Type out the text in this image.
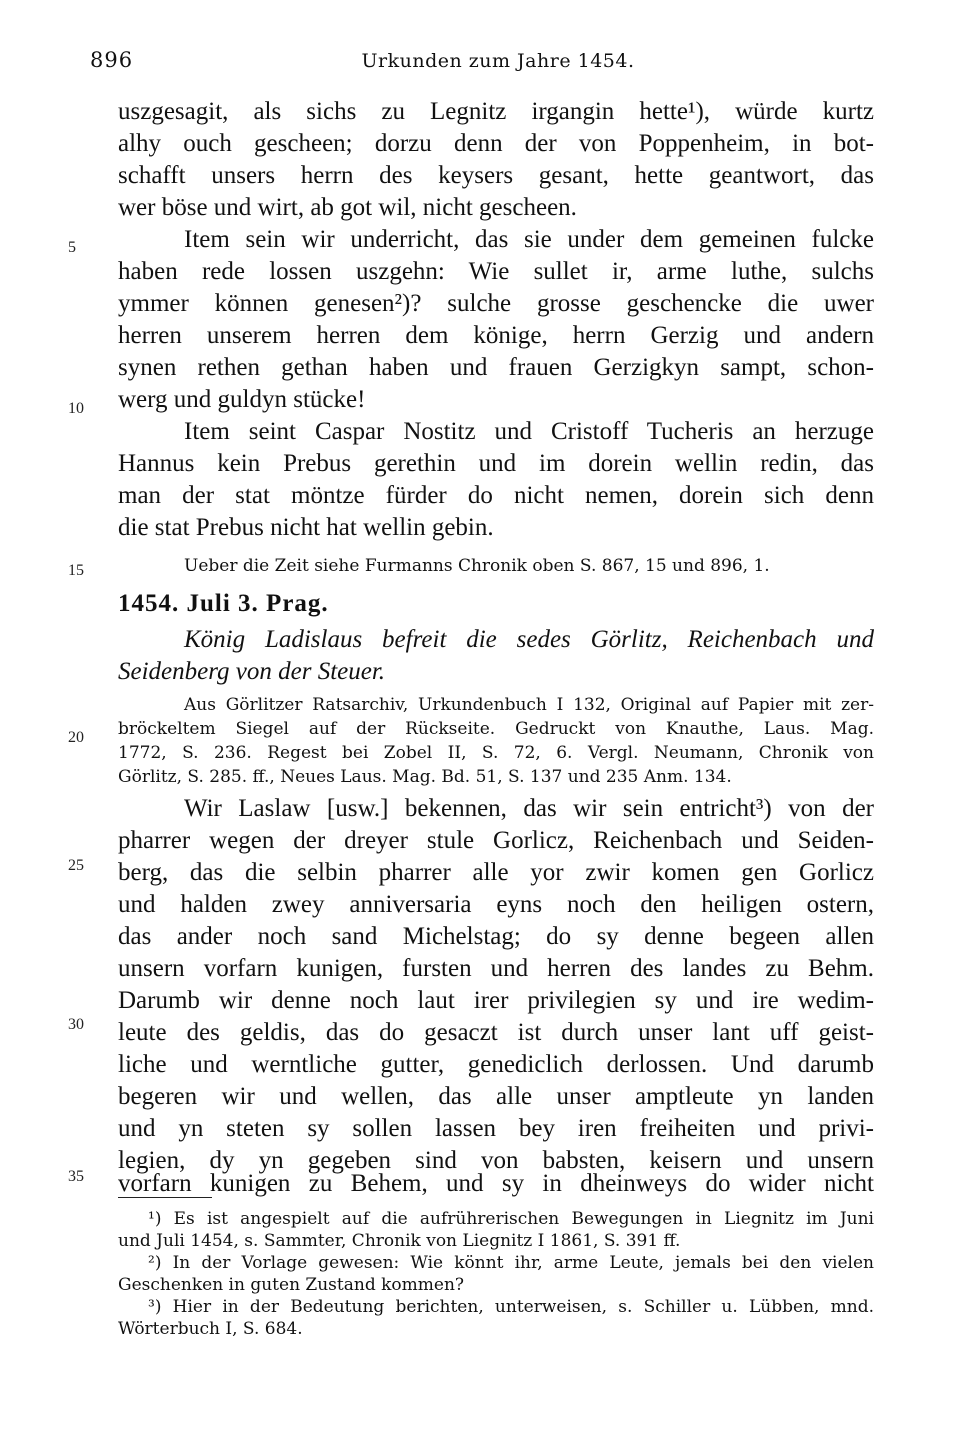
896	Urkunden zum Jahre 1454.
5
10
15
20
25
30
35
uszgesagit, als sichs zu Legnitz irgangin hette¹), würde kurtz
alhy ouch gescheen; dorzu denn der von Poppenheim, in bot-
schafft unsers herrn des keysers gesant, hette geantwort, das
wer böse und wirt, ab got wil, nicht gescheen.
Item sein wir underricht, das sie under dem gemeinen fulcke
haben rede lossen uszgehn: Wie sullet ir, arme luthe, sulchs
ymmer können genesen²)? sulche grosse geschencke die uwer
herren unserem herren dem könige, herrn Gerzig und andern
synen rethen gethan haben und frauen Gerzigkyn sampt, schon-
werg und guldyn stücke!
Item seint Caspar Nostitz und Cristoff Tucheris an herzuge
Hannus kein Prebus gerethin und im dorein wellin redin, das
man der stat möntze fürder do nicht nemen, dorein sich denn
die stat Prebus nicht hat wellin gebin.
Ueber die Zeit siehe Furmanns Chronik oben S. 867, 15 und 896, 1.
1454. Juli 3. Prag.
König Ladislaus befreit die sedes Görlitz, Reichenbach und
Seidenberg von der Steuer.
Aus Görlitzer Ratsarchiv, Urkundenbuch I 132, Original auf Papier mit zer-
bröckeltem Siegel auf der Rückseite. Gedruckt von Knauthe, Laus. Mag.
1772, S. 236. Regest bei Zobel II, S. 72, 6. Vergl. Neumann, Chronik von
Görlitz, S. 285. ff., Neues Laus. Mag. Bd. 51, S. 137 und 235 Anm. 134.
Wir Laslaw [usw.] bekennen, das wir sein entricht³) von der
pharrer wegen der dreyer stule Gorlicz, Reichenbach und Seiden-
berg, das die selbin pharrer alle yor zwir komen gen Gorlicz
und halden zwey anniversaria eyns noch den heiligen ostern,
das ander noch sand Michelstag; do sy denne begeen allen
unsern vorfarn kunigen, fursten und herren des landes zu Behm.
Darumb wir denne noch laut irer privilegien sy und ire wedim-
leute des geldis, das do gesaczt ist durch unser lant uff geist-
liche und werntliche gutter, genediclich derlossen. Und darumb
begeren wir und wellen, das alle unser amptleute yn landen
und yn steten sy sollen lassen bey iren freiheiten und privi-
legien, dy yn gegeben sind von babsten, keisern und unsern
vorfarn kunigen zu Behem, und sy in dheinweys do wider nicht
¹) Es ist angespielt auf die aufrührerischen Bewegungen in Liegnitz im Juni
und Juli 1454, s. Sammter, Chronik von Liegnitz I 1861, S. 391 ff.
²) In der Vorlage gewesen: Wie könnt ihr, arme Leute, jemals bei den vielen
Geschenken in guten Zustand kommen?
³) Hier in der Bedeutung berichten, unterweisen, s. Schiller u. Lübben, mnd.
Wörterbuch I, S. 684.
